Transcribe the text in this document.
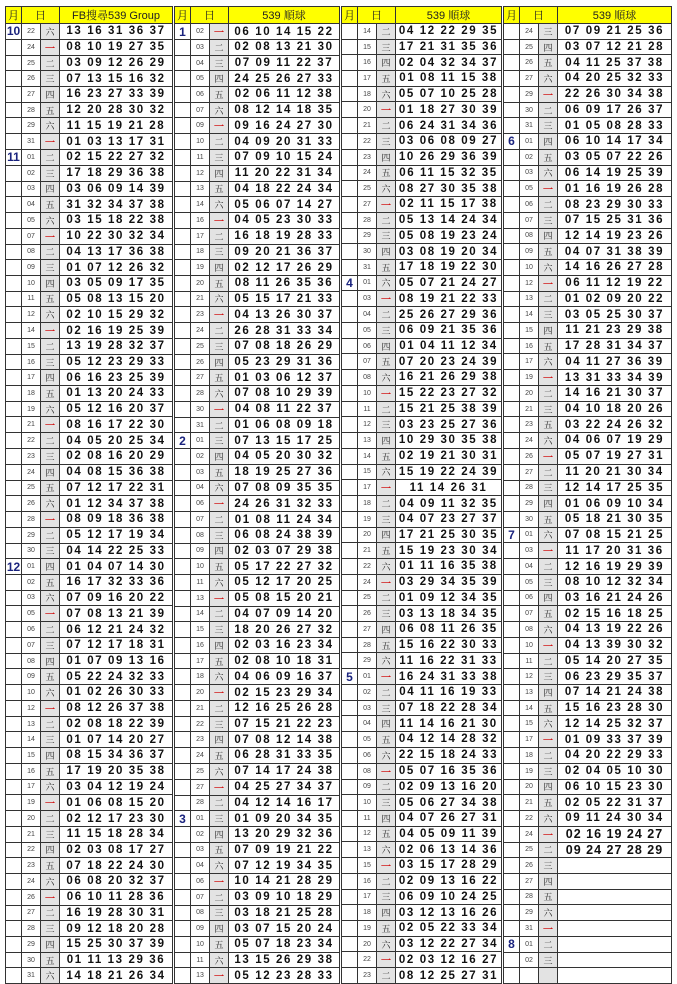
月	日		FB搜尋539 Group
10	22	六	13 16 31 36 37
	24	一	08 10 19 27 35
	25	二	03 09 12 26 29
	26	三	07 13 15 16 32
	27	四	16 23 27 33 39
	28	五	12 20 28 30 32
	29	六	11 15 19 21 28
	31	一	01 03 13 17 31
11	01	二	02 15 22 27 32
	02	三	17 18 29 36 38
	03	四	03 06 09 14 39
	04	五	31 32 34 37 38
	05	六	03 15 18 22 38
	07	一	10 22 30 32 34
	08	二	04 13 17 36 38
	09	三	01 07 12 26 32
	10	四	03 05 09 17 35
	11	五	05 08 13 15 20
	12	六	02 10 15 29 32
	14	一	02 16 19 25 39
	15	二	13 19 28 32 37
	16	三	05 12 23 29 33
	17	四	06 16 23 25 39
	18	五	01 13 20 24 33
	19	六	05 12 16 20 37
	21	一	08 16 17 22 30
	22	二	04 05 20 25 34
	23	三	02 08 16 20 29
	24	四	04 08 15 36 38
	25	五	07 12 17 22 31
	26	六	01 12 34 37 38
	28	一	08 09 18 36 38
	29	二	05 12 17 19 34
	30	三	04 14 22 25 33
12	01	四	01 04 07 14 30
	02	五	16 17 32 33 36
	03	六	07 09 16 20 22
	05	一	07 08 13 21 39
	06	二	06 12 21 24 32
	07	三	07 12 17 18 31
	08	四	01 07 09 13 16
	09	五	05 22 24 32 33
	10	六	01 02 26 30 33
	12	一	08 12 26 37 38
	13	二	02 08 18 22 39
	14	三	01 07 14 20 27
	15	四	08 15 34 36 37
	16	五	17 19 20 35 38
	17	六	03 04 12 19 24
	19	一	01 06 08 15 20
	20	二	02 12 17 23 30
	21	三	11 15 18 28 34
	22	四	02 03 08 17 27
	23	五	07 18 22 24 30
	24	六	06 08 20 32 37
	26	一	06 10 11 28 36
	27	二	16 19 28 30 31
	28	三	09 12 18 20 28
	29	四	15 25 30 37 39
	30	五	01 11 13 29 36
	31	六	14 18 21 26 34
月	日		539 順球
1	02	一	06 10 14 15 22
	03	二	02 08 13 21 30
	04	三	07 09 11 22 37
	05	四	24 25 26 27 33
	06	五	02 06 11 12 38
	07	六	08 12 14 18 35
	09	一	09 16 24 27 30
	10	二	04 09 20 31 33
	11	三	07 09 10 15 24
	12	四	11 20 22 31 34
	13	五	04 18 22 24 34
	14	六	05 06 07 14 27
	16	一	04 05 23 30 33
	17	二	16 18 19 28 33
	18	三	09 20 21 36 37
	19	四	02 12 17 26 29
	20	五	08 11 26 35 36
	21	六	05 15 17 21 33
	23	一	04 13 26 30 37
	24	二	26 28 31 33 34
	25	三	07 08 18 26 29
	26	四	05 23 29 31 36
	27	五	01 03 06 12 37
	28	六	07 08 10 29 39
	30	一	04 08 11 22 37
	31	二	01 06 08 09 18
2	01	三	07 13 15 17 25
	02	四	04 05 20 30 32
	03	五	18 19 25 27 36
	04	六	07 08 09 35 35
	06	一	24 26 31 32 33
	07	二	01 08 11 24 34
	08	三	06 08 24 38 39
	09	四	02 03 07 29 38
	10	五	05 17 22 27 32
	11	六	05 12 17 20 25
	13	一	05 08 15 20 21
	14	二	04 07 09 14 20
	15	三	18 20 26 27 32
	16	四	02 03 16 23 34
	17	五	02 08 10 18 31
	18	六	04 06 09 16 37
	20	一	02 15 23 29 34
	21	二	12 16 25 26 28
	22	三	07 15 21 22 23
	23	四	07 08 12 14 38
	24	五	06 28 31 33 35
	25	六	07 14 17 24 38
	27	一	04 25 27 34 37
	28	二	04 12 14 16 17
3	01	三	01 09 20 34 35
	02	四	13 20 29 32 36
	03	五	07 09 19 21 22
	04	六	07 12 19 34 35
	06	一	10 14 21 28 29
	07	二	03 09 10 18 29
	08	三	03 18 21 25 28
	09	四	03 07 15 20 24
	10	五	05 07 18 23 34
	11	六	13 15 26 29 38
	13	一	05 12 23 28 33
月	日		539 順球
	14	二	04 12 22 29 35
	15	三	17 21 31 35 36
	16	四	02 04 32 34 37
	17	五	01 08 11 15 38
	18	六	05 07 10 25 28
	20	一	01 18 27 30 39
	21	二	06 24 31 34 36
	22	三	03 06 08 09 27
	23	四	10 26 29 36 39
	24	五	06 11 15 32 35
	25	六	08 27 30 35 38
	27	一	02 11 15 17 38
	28	二	05 13 14 24 34
	29	三	05 08 19 23 24
	30	四	03 08 19 20 34
	31	五	17 18 19 22 30
4	01	六	05 07 21 24 27
	03	一	08 19 21 22 33
	04	二	25 26 27 29 36
	05	三	06 09 21 35 36
	06	四	01 04 11 12 34
	07	五	07 20 23 24 39
	08	六	16 21 26 29 38
	10	一	15 22 23 27 32
	11	二	15 21 25 38 39
	12	三	03 23 25 27 36
	13	四	10 29 30 35 38
	14	五	02 19 21 30 31
	15	六	15 19 22 24 39
	17	一	11 14 26 31
	18	二	04 09 11 32 35
	19	三	04 07 23 27 37
	20	四	17 21 25 30 35
	21	五	15 19 23 30 34
	22	六	01 11 16 35 38
	24	一	03 29 34 35 39
	25	二	01 09 12 34 35
	26	三	03 13 18 34 35
	27	四	06 08 11 26 35
	28	五	15 16 22 30 33
	29	六	11 16 22 31 33
5	01	一	16 24 31 33 38
	02	二	04 11 16 19 33
	03	三	07 18 22 28 34
	04	四	11 14 16 21 30
	05	五	04 12 14 28 32
	06	六	22 15 18 24 33
	08	一	05 07 16 35 36
	09	二	02 09 13 16 20
	10	三	05 06 27 34 38
	11	四	04 07 26 27 31
	12	五	04 05 09 11 39
	13	六	02 06 13 14 36
	15	一	03 15 17 28 29
	16	二	02 09 13 16 22
	17	三	06 09 10 24 25
	18	四	03 12 13 16 26
	19	五	02 05 22 33 34
	20	六	03 12 22 27 34
	22	一	02 03 12 16 27
	23	二	08 12 25 27 31
月	日		539 順球
	24	三	07 09 21 25 36
	25	四	03 07 12 21 28
	26	五	04 11 25 37 38
	27	六	04 20 25 32 33
	29	一	22 26 30 34 38
	30	二	06 09 17 26 37
	31	三	01 05 08 28 33
6	01	四	06 10 14 17 34
	02	五	03 05 07 22 26
	03	六	06 14 19 25 39
	05	一	01 16 19 26 28
	06	二	08 23 29 30 33
	07	三	07 15 25 31 36
	08	四	12 14 19 23 26
	09	五	04 07 31 38 39
	10	六	14 16 26 27 28
	12	一	06 11 12 19 22
	13	二	01 02 09 20 22
	14	三	03 05 25 30 37
	15	四	11 21 23 29 38
	16	五	17 28 31 34 37
	17	六	04 11 27 36 39
	19	一	13 31 33 34 39
	20	二	14 16 21 30 37
	21	三	04 10 18 20 26
	23	五	03 22 24 26 32
	24	六	04 06 07 19 29
	26	一	05 07 19 27 31
	27	二	11 20 21 30 34
	28	三	12 14 17 25 35
	29	四	01 06 09 10 34
	30	五	05 18 21 30 35
7	01	六	07 08 15 21 25
	03	一	11 17 20 31 36
	04	二	12 16 19 29 39
	05	三	08 10 12 32 34
	06	四	03 16 21 24 26
	07	五	02 15 16 18 25
	08	六	04 13 19 22 26
	10	一	04 13 39 30 32
	11	二	05 14 20 27 35
	12	三	06 23 29 35 37
	13	四	07 14 21 24 38
	14	五	15 16 23 28 30
	15	六	12 14 25 32 37
	17	一	01 09 33 37 39
	18	二	04 20 22 29 33
	19	三	02 04 05 10 30
	20	四	06 10 15 23 30
	21	五	02 05 22 31 37
	22	六	09 11 24 30 34
	24	一	02 16 19 24 27
	25	二	09 24 27 28 29
	26	三	
	27	四	
	28	五	
	29	六	
	31	一	
8	01	二	
	02	三	
